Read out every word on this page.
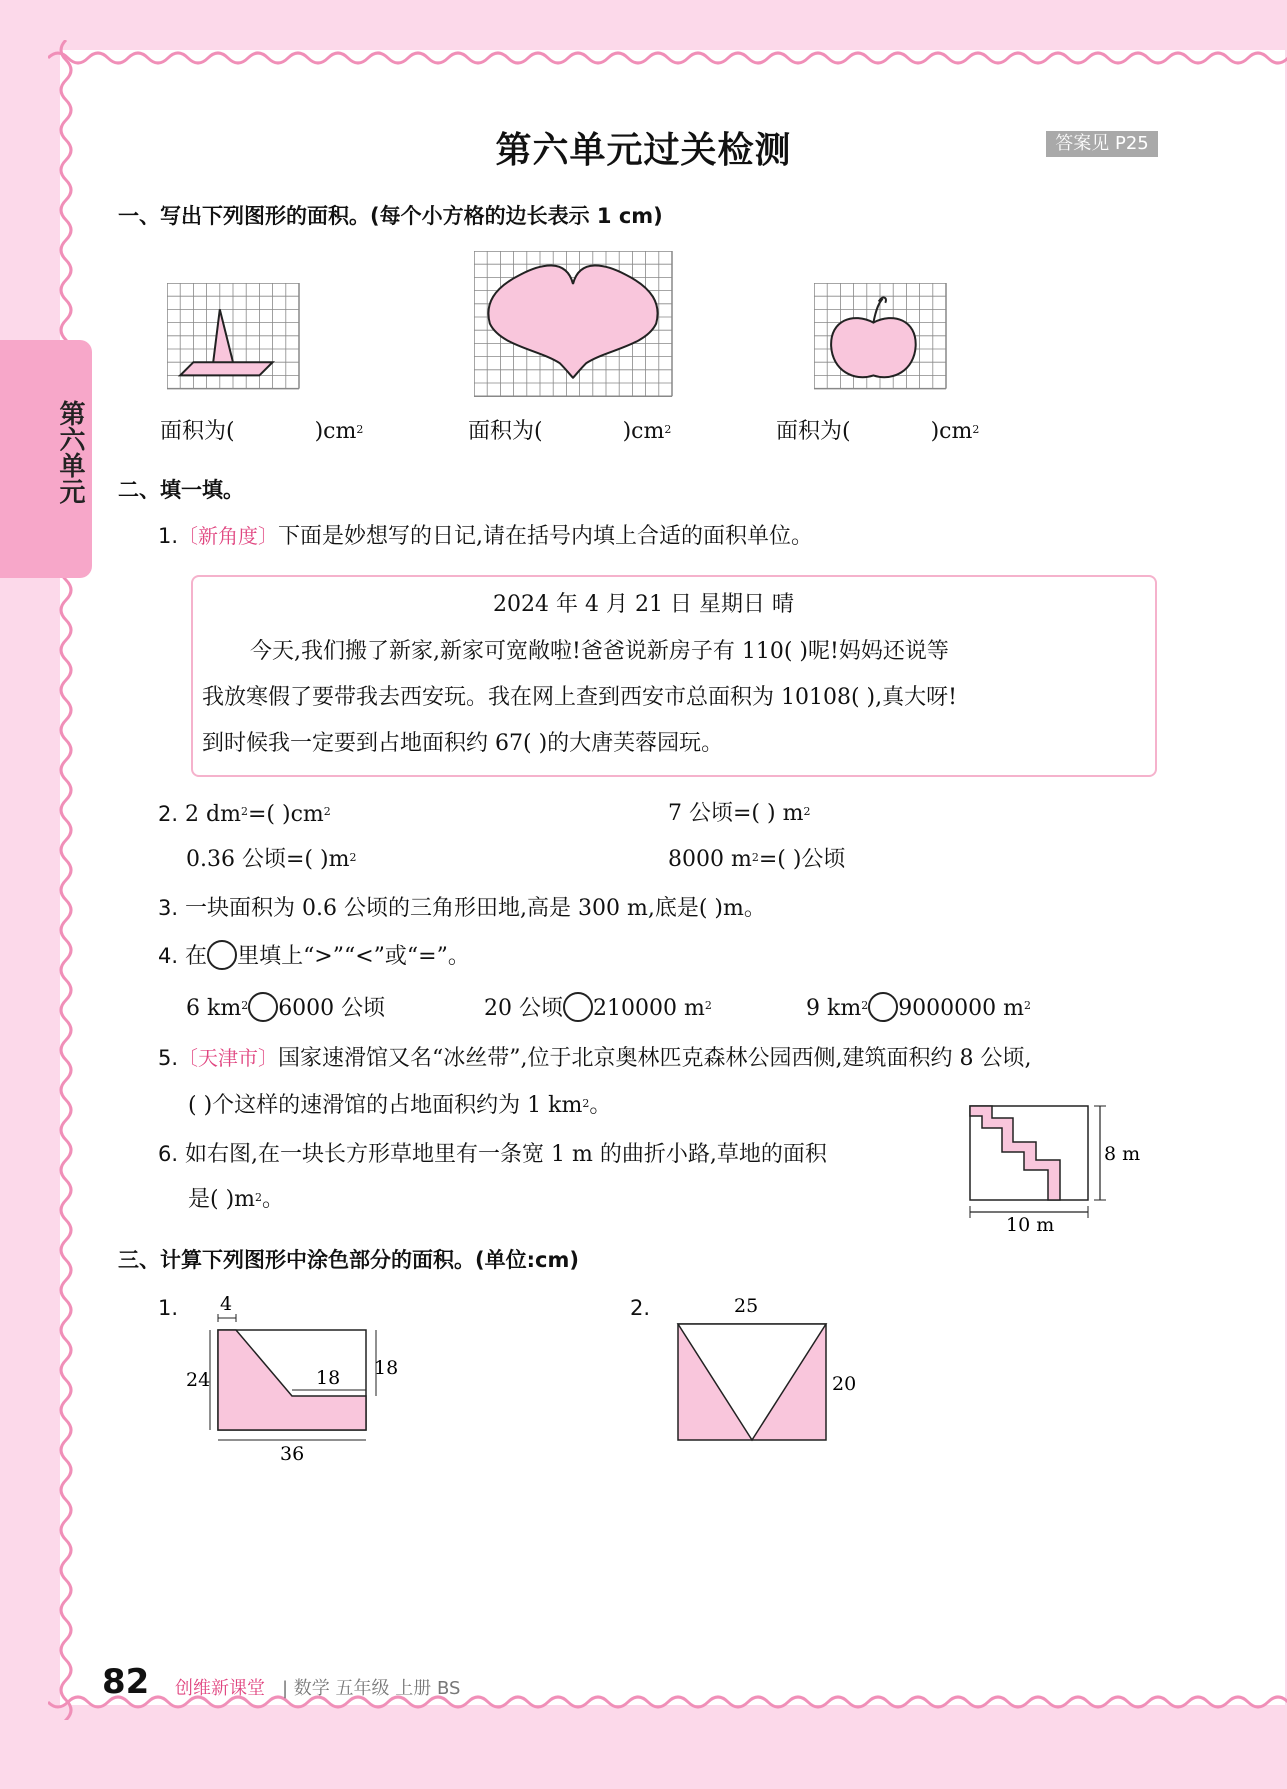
第六单元
第六单元过关检测	答案见 P25
一、写出下列图形的面积。(每个小方格的边长表示 1 cm)
面积为(	)$cm^2$	面积为(	)$cm^2$	面积为(	)$cm^2$
二、填一填。
1.〔新角度〕下面是妙想写的日记,请在括号内填上合适的面积单位。
2024 年 4 月 21 日 星期日 晴
今天,我们搬了新家,新家可宽敞啦!爸爸说新房子有 110( )呢!妈妈还说等
我放寒假了要带我去西安玩。我在网上查到西安市总面积为 10108( ),真大呀!
到时候我一定要到占地面积约 67( )的大唐芙蓉园玩。
2. 2 $dm^2=$( )$cm^2$	7 公顷=( ) $m^2$
0.36 公顷=( )$m^2$	8000 $m^2=$( )公顷
3. 一块面积为 0.6 公顷的三角形田地,高是 300 m,底是( )m。
4. 在 里填上“>”“<”或“=”。
6 $km^2$ 6000 公顷	20 公顷 210000 $m^2$	9 $km^2$ 9000000 $m^2$
5.〔天津市〕国家速滑馆又名“冰丝带”,位于北京奥林匹克森林公园西侧,建筑面积约 8 公顷,
( )个这样的速滑馆的占地面积约为 1 $km^2$。
6. 如右图,在一块长方形草地里有一条宽 1 m 的曲折小路,草地的面积
是( )$m^2$。
8 m
10 m
三、计算下列图形中涂色部分的面积。(单位:cm)
1. 4
24	18 18
36
2.	25
20
82 创维新课堂 | 数学 五年级 上册 BS
